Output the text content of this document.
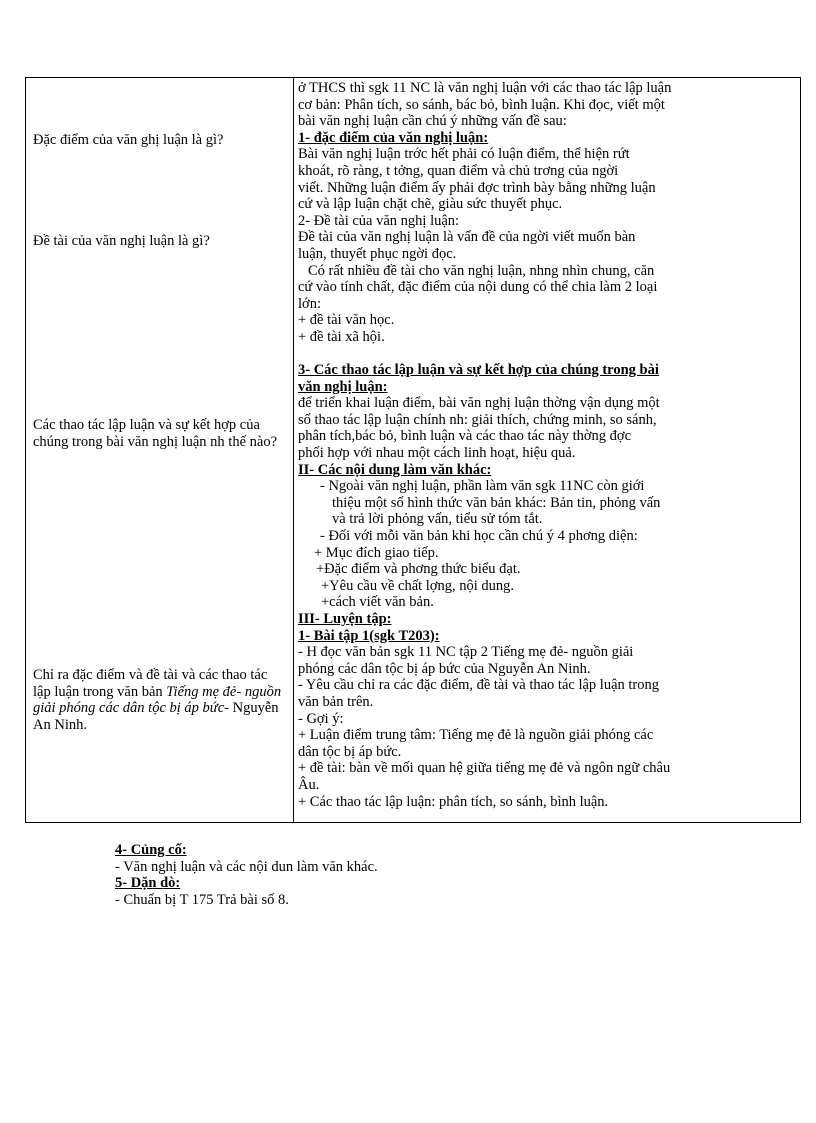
Đặc điểm của văn ghị luận là gì?
Đề tài của văn nghị luận là gì?
Các thao tác lập luận và sự kết hợp của chúng trong bài văn nghị luận nh thế nào?
Chỉ ra đặc điểm và đề tài và các thao tác lập luận trong văn bản Tiếng mẹ đẻ- nguồn giải phóng các dân tộc bị áp bức- Nguyễn An Ninh.
ở THCS thì sgk 11 NC là văn nghị luận với các thao tác lập luận
cơ bản: Phân tích, so sánh, bác bỏ, bình luận. Khi đọc, viết một
bài văn nghị luận cần chú ý những vấn đề sau:
1- đặc điểm của văn nghị luận:
Bài văn nghị luận trớc hết phải có luận điểm, thể hiện rứt
khoát, rõ ràng, t tởng, quan điểm và chủ trơng của ngời
viết. Những luận điểm ấy phải đợc trình bày bằng những luận
cứ và lập luận chặt chẽ, giàu sức thuyết phục.
2- Đề tài của văn nghị luận:
Đề tài của văn nghị luận là vấn đề của ngời viết muốn bàn
luận, thuyết phục ngời đọc.
Có rất nhiều đề tài cho văn nghị luận, nhng nhìn chung, căn
cứ vào tính chất, đặc điểm của nội dung có thể chia làm 2 loại
lớn:
+ đề tài văn học.
+ đề tài xã hội.
3- Các thao tác lập luận và sự kết hợp của chúng trong bài
văn nghị luận:
để triển khai luận điểm, bài văn nghị luận thờng vận dụng một
số thao tác lập luận chính nh: giải thích, chứng minh, so sánh,
phân tích,bác bỏ, bình luận và các thao tác này thờng đợc
phối hợp với nhau một cách linh hoạt, hiệu quả.
II- Các nội dung làm văn khác:
- Ngoài văn nghị luận, phần làm văn sgk 11NC còn giới
thiệu một số hình thức văn bản khác: Bản tin, phỏng vấn
và trả lời phỏng vấn, tiểu sử tóm tắt.
- Đối với mỗi văn bản khi học cần chú ý 4 phơng diện:
+ Mục đích giao tiếp.
+Đặc điểm và phơng thức biểu đạt.
+Yêu cầu về chất lợng, nội dung.
+cách viết văn bản.
III- Luyện tập:
1- Bài tập 1(sgk T203):
- H đọc văn bản sgk 11 NC tập 2 Tiếng mẹ đẻ- nguồn giải
phóng các dân tộc bị áp bức của Nguyễn An Ninh.
- Yêu cầu chỉ ra các đặc điểm, đề tài và thao tác lập luận trong
văn bản trên.
- Gợi ý:
+ Luận điểm trung tâm: Tiếng mẹ đẻ là nguồn giải phóng các
dân tộc bị áp bức.
+ đề tài: bàn về mối quan hệ giữa tiếng mẹ đẻ và ngôn ngữ châu
Âu.
+ Các thao tác lập luận: phân tích, so sánh, bình luận.
4- Củng cố:
- Văn nghị luận và các nội dun làm văn khác.
5- Dặn dò:
- Chuẩn bị T 175 Trả bài số 8.
